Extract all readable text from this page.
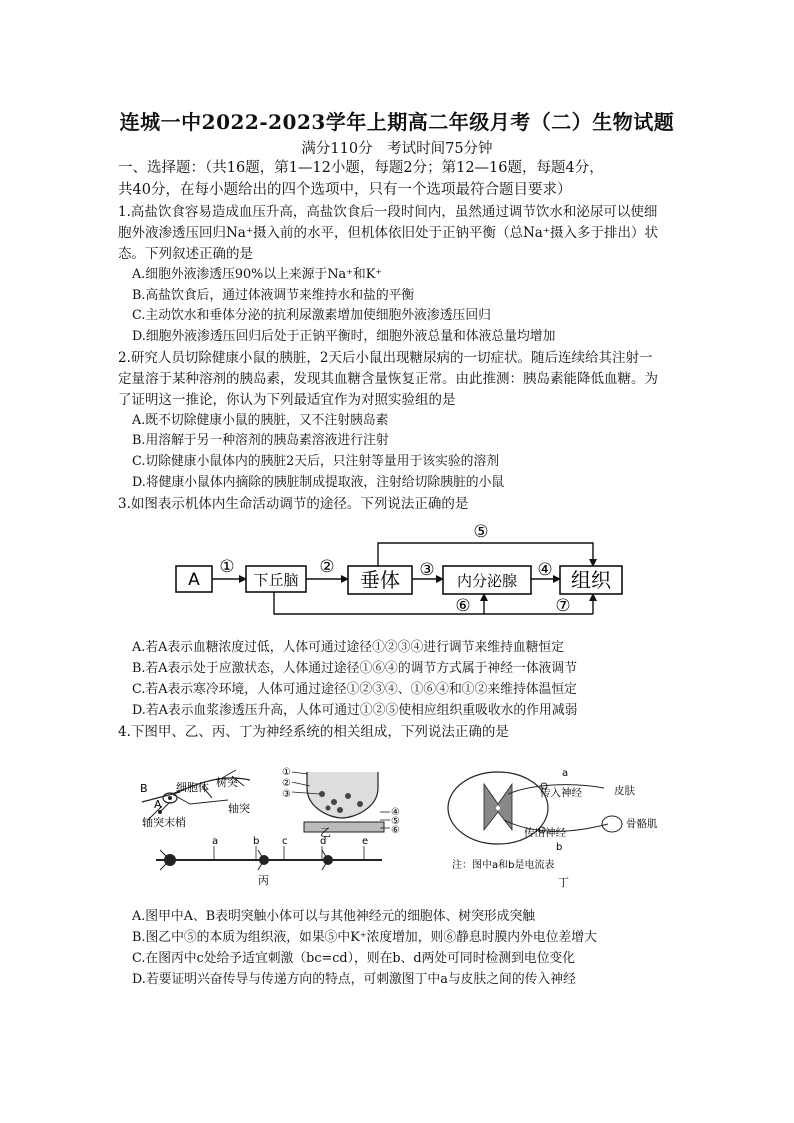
连城一中2022-2023学年上期高二年级月考（二）生物试题
满分110分　考试时间75分钟
一、选择题：（共16题，第1—12小题，每题2分；第12—16题，每题4分，
共40分，在每小题给出的四个选项中，只有一个选项最符合题目要求）
1.高盐饮食容易造成血压升高，高盐饮食后一段时间内，虽然通过调节饮水和泌尿可以使细
胞外液渗透压回归Na⁺摄入前的水平，但机体依旧处于正钠平衡（总Na⁺摄入多于排出）状
态。下列叙述正确的是
A.细胞外液渗透压90%以上来源于Na⁺和K⁺
B.高盐饮食后，通过体液调节来维持水和盐的平衡
C.主动饮水和垂体分泌的抗利尿激素增加使细胞外液渗透压回归
D.细胞外液渗透压回归后处于正钠平衡时，细胞外液总量和体液总量均增加
2.研究人员切除健康小鼠的胰脏，2天后小鼠出现糖尿病的一切症状。随后连续给其注射一
定量溶于某种溶剂的胰岛素，发现其血糖含量恢复正常。由此推测：胰岛素能降低血糖。为
了证明这一推论，你认为下列最适宜作为对照实验组的是
A.既不切除健康小鼠的胰脏，又不注射胰岛素
B.用溶解于另一种溶剂的胰岛素溶液进行注射
C.切除健康小鼠体内的胰脏2天后，只注射等量用于该实验的溶剂
D.将健康小鼠体内摘除的胰脏制成提取液，注射给切除胰脏的小鼠
3.如图表示机体内生命活动调节的途径。下列说法正确的是
A	下丘脑	垂体	内分泌腺	组织
①	②	③	④
⑤
⑥	⑦
A.若A表示血糖浓度过低，人体可通过途径①②③④进行调节来维持血糖恒定
B.若A表示处于应激状态，人体通过途径①⑥④的调节方式属于神经一体液调节
C.若A表示寒冷环境，人体可通过途径①②③④、①⑥④和①②来维持体温恒定
D.若A表示血浆渗透压升高，人体可通过①②⑤使相应组织重吸收水的作用减弱
4.下图甲、乙、丙、丁为神经系统的相关组成，下列说法正确的是
B	细胞体 树突
A	轴突
轴突末梢
①
②
③
④
⑤
⑥
乙
a	b c	d	e
丙
a
传入神经	皮肤
传出神经
骨骼肌
b
注：图中a和b是电流表
丁
A.图甲中A、B表明突触小体可以与其他神经元的细胞体、树突形成突触
B.图乙中⑤的本质为组织液，如果⑤中K⁺浓度增加，则⑥静息时膜内外电位差增大
C.在图丙中c处给予适宜刺激（bc=cd），则在b、d两处可同时检测到电位变化
D.若要证明兴奋传导与传递方向的特点，可刺激图丁中a与皮肤之间的传入神经
